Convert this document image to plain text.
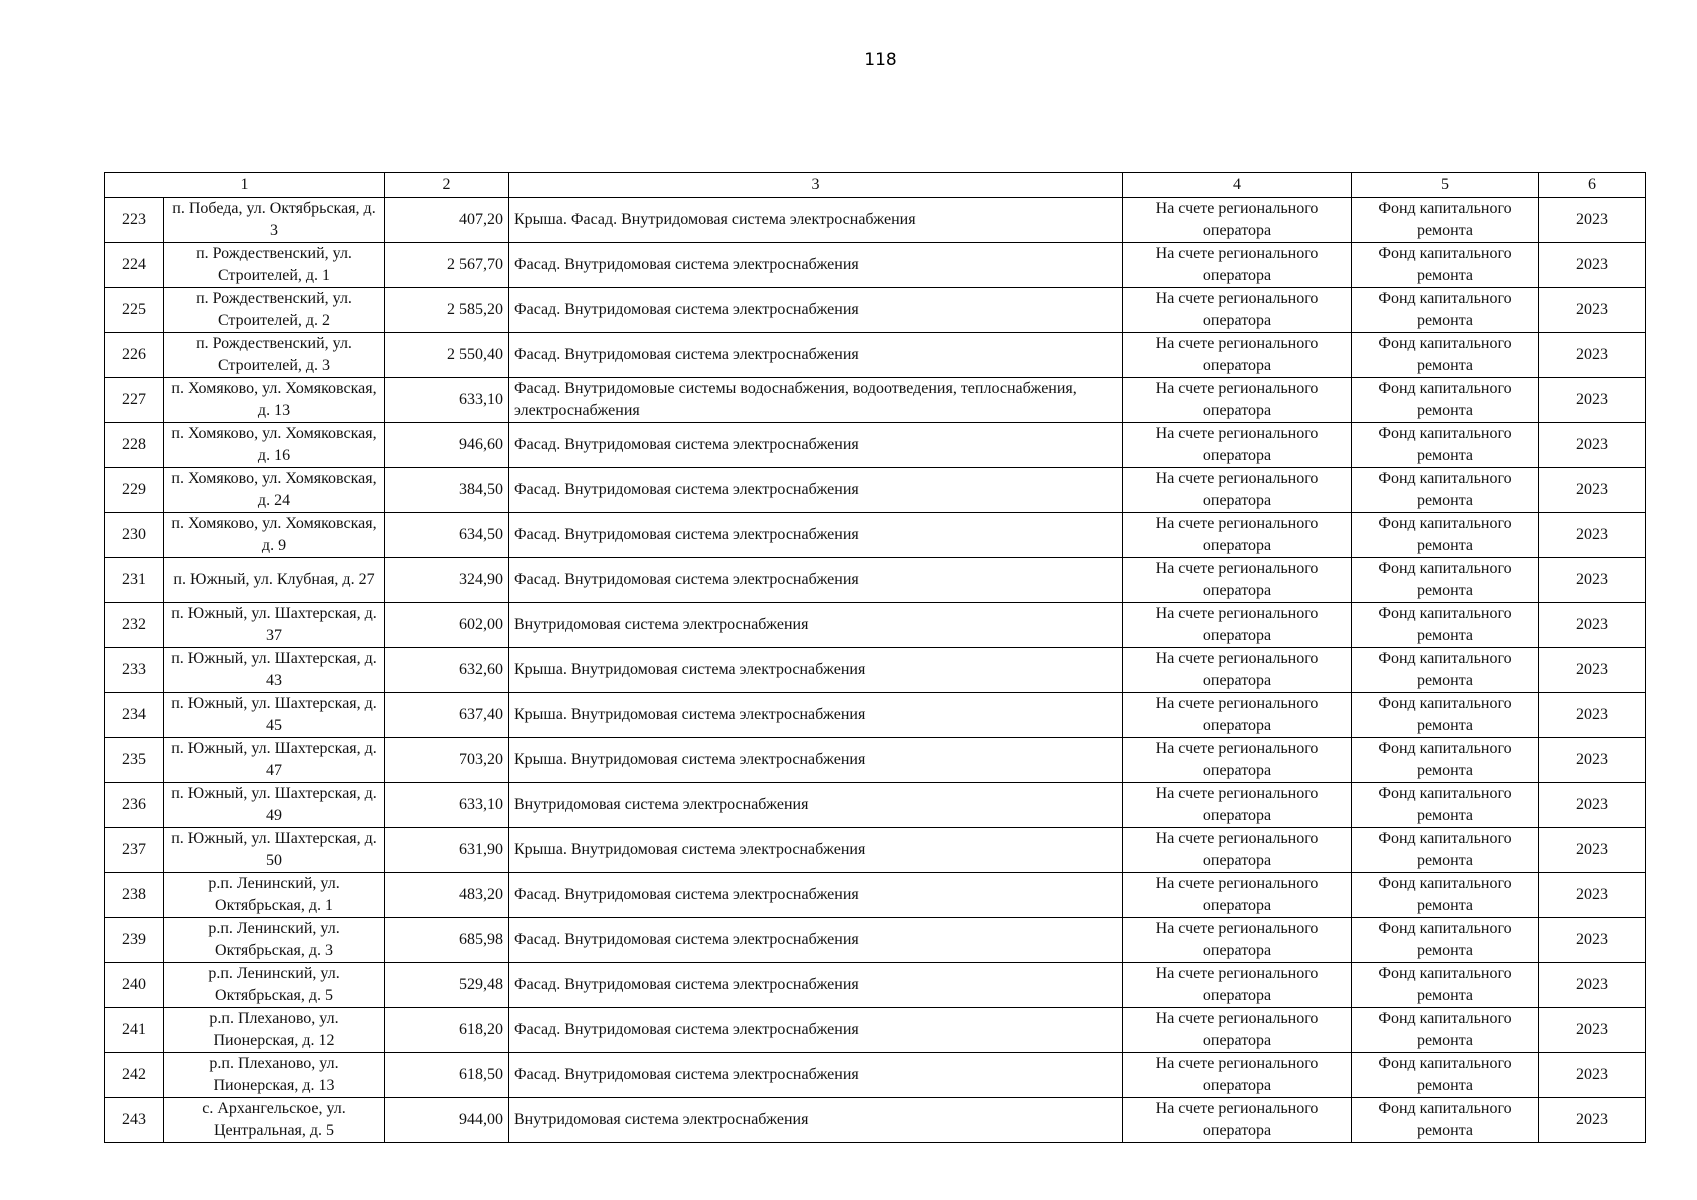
118
1		2	3	4	5	6
223	п. Победа, ул. Октябрьская, д. 3	407,20	Крыша. Фасад. Внутридомовая система электроснабжения	На счете регионального оператора	Фонд капитального ремонта	2023
224	п. Рождественский, ул. Строителей, д. 1	2 567,70	Фасад. Внутридомовая система электроснабжения	На счете регионального оператора	Фонд капитального ремонта	2023
225	п. Рождественский, ул. Строителей, д. 2	2 585,20	Фасад. Внутридомовая система электроснабжения	На счете регионального оператора	Фонд капитального ремонта	2023
226	п. Рождественский, ул. Строителей, д. 3	2 550,40	Фасад. Внутридомовая система электроснабжения	На счете регионального оператора	Фонд капитального ремонта	2023
227	п. Хомяково, ул. Хомяковская, д. 13	633,10	Фасад. Внутридомовые системы водоснабжения, водоотведения, теплоснабжения, электроснабжения	На счете регионального оператора	Фонд капитального ремонта	2023
228	п. Хомяково, ул. Хомяковская, д. 16	946,60	Фасад. Внутридомовая система электроснабжения	На счете регионального оператора	Фонд капитального ремонта	2023
229	п. Хомяково, ул. Хомяковская, д. 24	384,50	Фасад. Внутридомовая система электроснабжения	На счете регионального оператора	Фонд капитального ремонта	2023
230	п. Хомяково, ул. Хомяковская, д. 9	634,50	Фасад. Внутридомовая система электроснабжения	На счете регионального оператора	Фонд капитального ремонта	2023
231	п. Южный, ул. Клубная, д. 27	324,90	Фасад. Внутридомовая система электроснабжения	На счете регионального оператора	Фонд капитального ремонта	2023
232	п. Южный, ул. Шахтерская, д. 37	602,00	Внутридомовая система электроснабжения	На счете регионального оператора	Фонд капитального ремонта	2023
233	п. Южный, ул. Шахтерская, д. 43	632,60	Крыша. Внутридомовая система электроснабжения	На счете регионального оператора	Фонд капитального ремонта	2023
234	п. Южный, ул. Шахтерская, д. 45	637,40	Крыша. Внутридомовая система электроснабжения	На счете регионального оператора	Фонд капитального ремонта	2023
235	п. Южный, ул. Шахтерская, д. 47	703,20	Крыша. Внутридомовая система электроснабжения	На счете регионального оператора	Фонд капитального ремонта	2023
236	п. Южный, ул. Шахтерская, д. 49	633,10	Внутридомовая система электроснабжения	На счете регионального оператора	Фонд капитального ремонта	2023
237	п. Южный, ул. Шахтерская, д. 50	631,90	Крыша. Внутридомовая система электроснабжения	На счете регионального оператора	Фонд капитального ремонта	2023
238	р.п. Ленинский, ул. Октябрьская, д. 1	483,20	Фасад. Внутридомовая система электроснабжения	На счете регионального оператора	Фонд капитального ремонта	2023
239	р.п. Ленинский, ул. Октябрьская, д. 3	685,98	Фасад. Внутридомовая система электроснабжения	На счете регионального оператора	Фонд капитального ремонта	2023
240	р.п. Ленинский, ул. Октябрьская, д. 5	529,48	Фасад. Внутридомовая система электроснабжения	На счете регионального оператора	Фонд капитального ремонта	2023
241	р.п. Плеханово, ул. Пионерская, д. 12	618,20	Фасад. Внутридомовая система электроснабжения	На счете регионального оператора	Фонд капитального ремонта	2023
242	р.п. Плеханово, ул. Пионерская, д. 13	618,50	Фасад. Внутридомовая система электроснабжения	На счете регионального оператора	Фонд капитального ремонта	2023
243	с. Архангельское, ул. Центральная, д. 5	944,00	Внутридомовая система электроснабжения	На счете регионального оператора	Фонд капитального ремонта	2023
